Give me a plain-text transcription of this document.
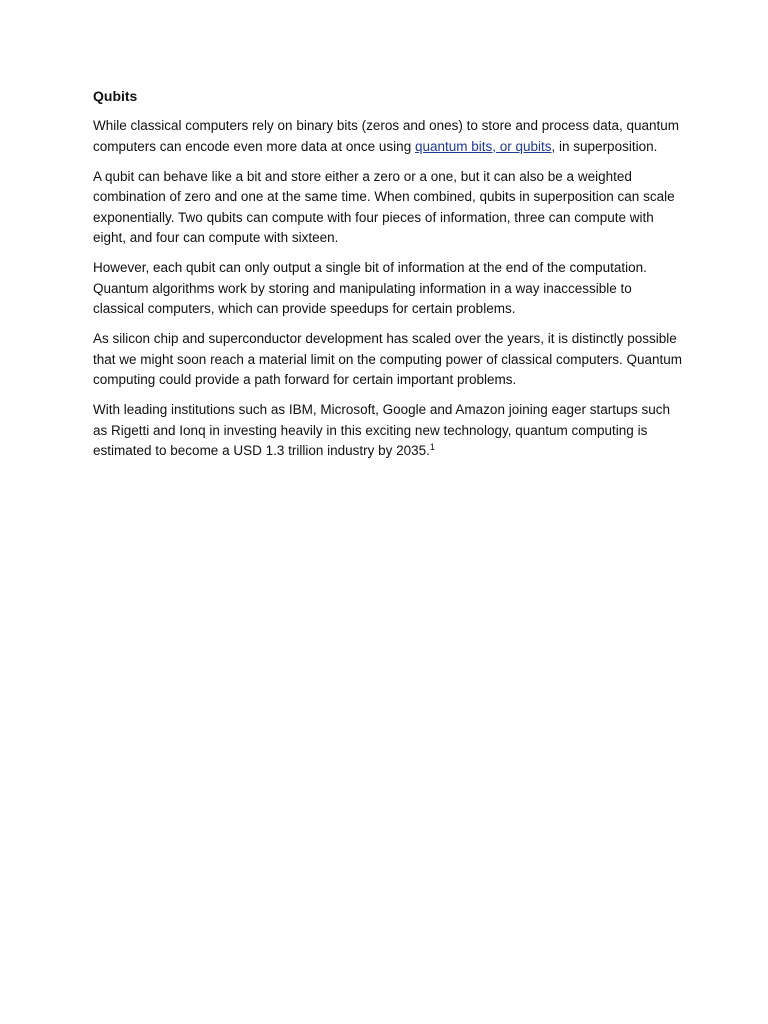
Qubits

While classical computers rely on binary bits (zeros and ones) to store and process data, quantum computers can encode even more data at once using quantum bits, or qubits, in superposition.

A qubit can behave like a bit and store either a zero or a one, but it can also be a weighted combination of zero and one at the same time. When combined, qubits in superposition can scale exponentially. Two qubits can compute with four pieces of information, three can compute with eight, and four can compute with sixteen.

However, each qubit can only output a single bit of information at the end of the computation. Quantum algorithms work by storing and manipulating information in a way inaccessible to classical computers, which can provide speedups for certain problems.

As silicon chip and superconductor development has scaled over the years, it is distinctly possible that we might soon reach a material limit on the computing power of classical computers. Quantum computing could provide a path forward for certain important problems.

With leading institutions such as IBM, Microsoft, Google and Amazon joining eager startups such as Rigetti and Ionq in investing heavily in this exciting new technology, quantum computing is estimated to become a USD 1.3 trillion industry by 2035.$^1$
